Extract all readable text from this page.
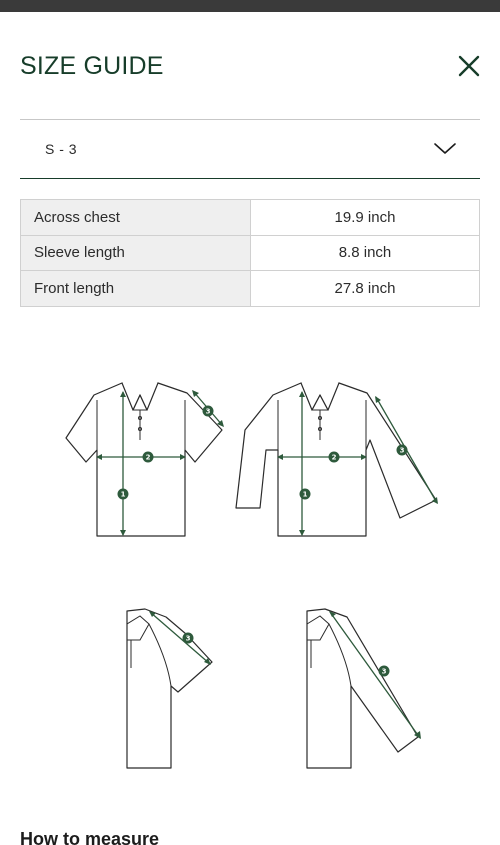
SIZE GUIDE
S - 3
Across chest	19.9 inch
Sleeve length	8.8 inch
Front length	27.8 inch
1
2
3
1
2
3
3
3
How to measure
